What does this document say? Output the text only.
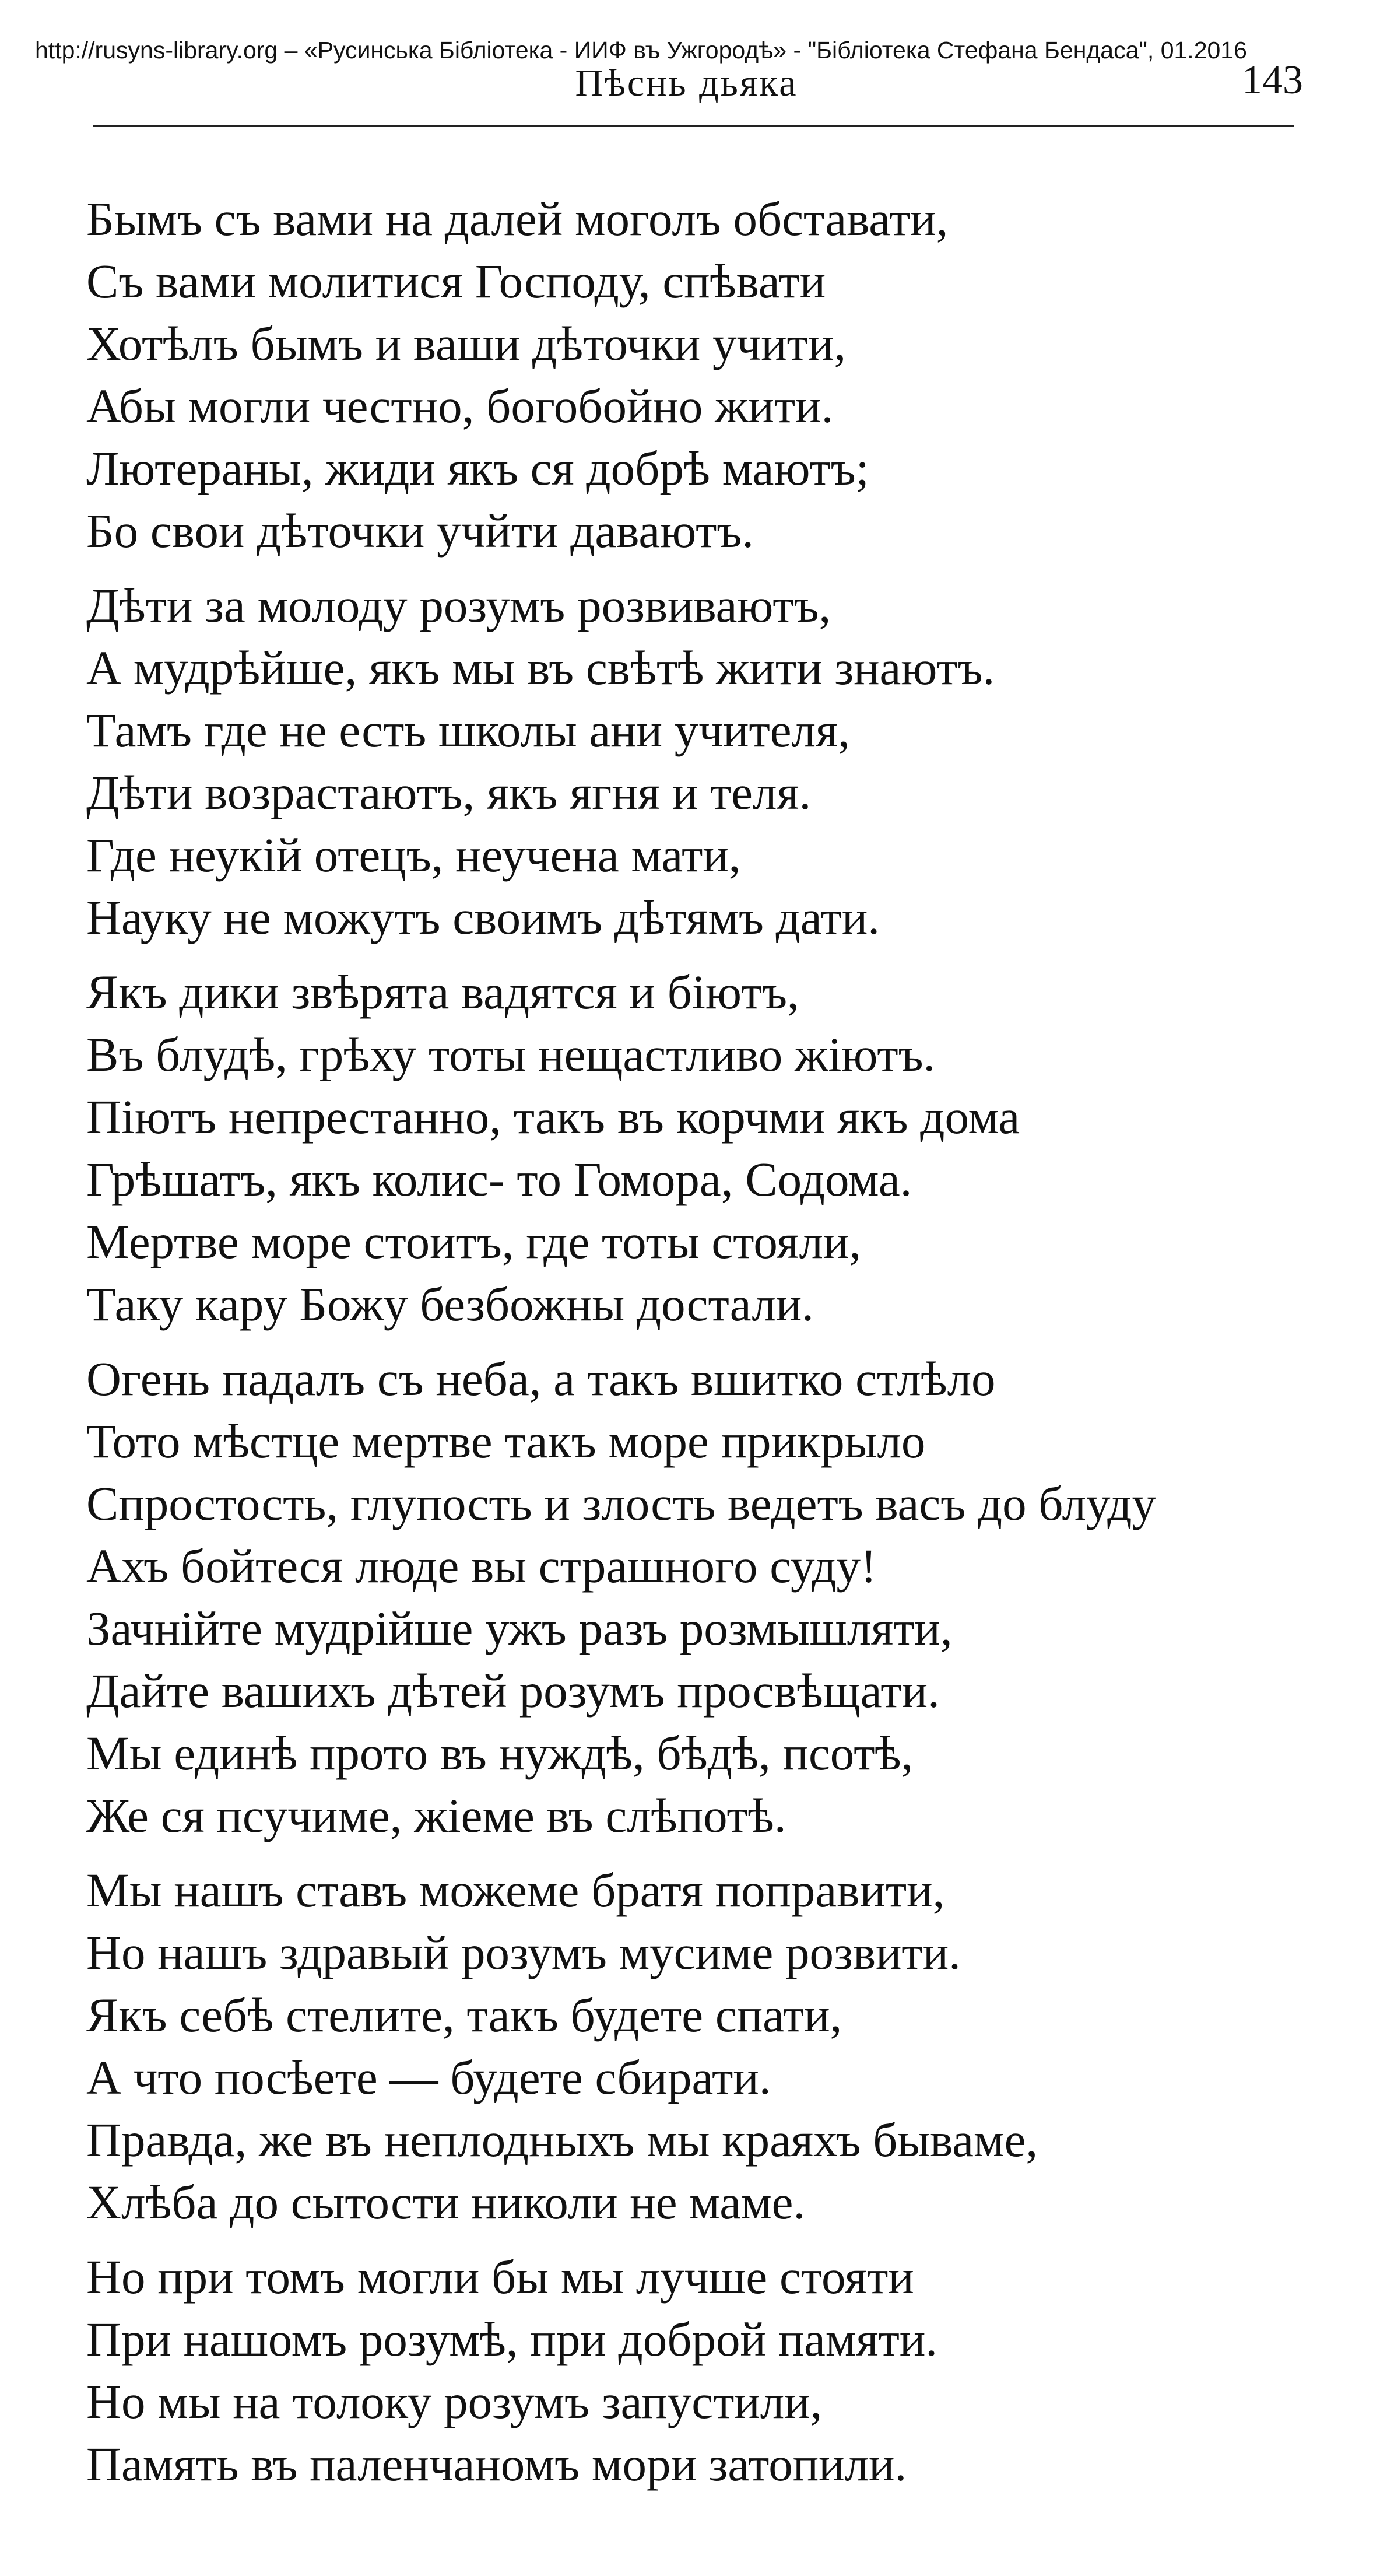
http://rusyns-library.org – «Русинська Бібліотека - ИИФ въ Ужгородѣ» - "Бібліотека Стефана Бендаса", 01.2016
Пѣснь дьяка	143
Бымъ съ вами на далей моголъ обставати,
Съ вами молитися Господу, спѣвати
Хотѣлъ бымъ и ваши дѣточки учити,
Абы могли честно, богобойно жити.
Лютераны, жиди якъ ся добрѣ маютъ;
Бо свои дѣточки учйти даваютъ.
Дѣти за молоду розумъ розвиваютъ,
А мудрѣйше, якъ мы въ свѣтѣ жити знаютъ.
Тамъ где не есть школы ани учителя,
Дѣти возрастаютъ, якъ ягня и теля.
Где неукій отецъ, неучена мати,
Науку не можутъ своимъ дѣтямъ дати.
Якъ дики звѣрята вадятся и біютъ,
Въ блудѣ, грѣху тоты нещастливо жіютъ.
Піютъ непрестанно, такъ въ корчми якъ дома
Грѣшатъ, якъ колис- то Гомора, Содома.
Мертве море стоитъ, где тоты стояли,
Таку кару Божу безбожны достали.
Огень падалъ съ неба, а такъ вшитко стлѣло
Тото мѣстце мертве такъ море прикрыло
Спростость, глупость и злость ведетъ васъ до блуду
Ахъ бойтеся люде вы страшного суду!
Зачнійте мудрійше ужъ разъ розмышляти,
Дайте вашихъ дѣтей розумъ просвѣщати.
Мы единѣ прото въ нуждѣ, бѣдѣ, псотѣ,
Же ся псучиме, жіеме въ слѣпотѣ.
Мы нашъ ставъ можеме братя поправити,
Но нашъ здравый розумъ мусиме розвити.
Якъ себѣ стелите, такъ будете спати,
А что посѣете — будете сбирати.
Правда, же въ неплодныхъ мы краяхъ бываме,
Хлѣба до сытости николи не маме.
Но при томъ могли бы мы лучше стояти
При нашомъ розумѣ, при доброй памяти.
Но мы на толоку розумъ запустили,
Память въ паленчаномъ мори затопили.
